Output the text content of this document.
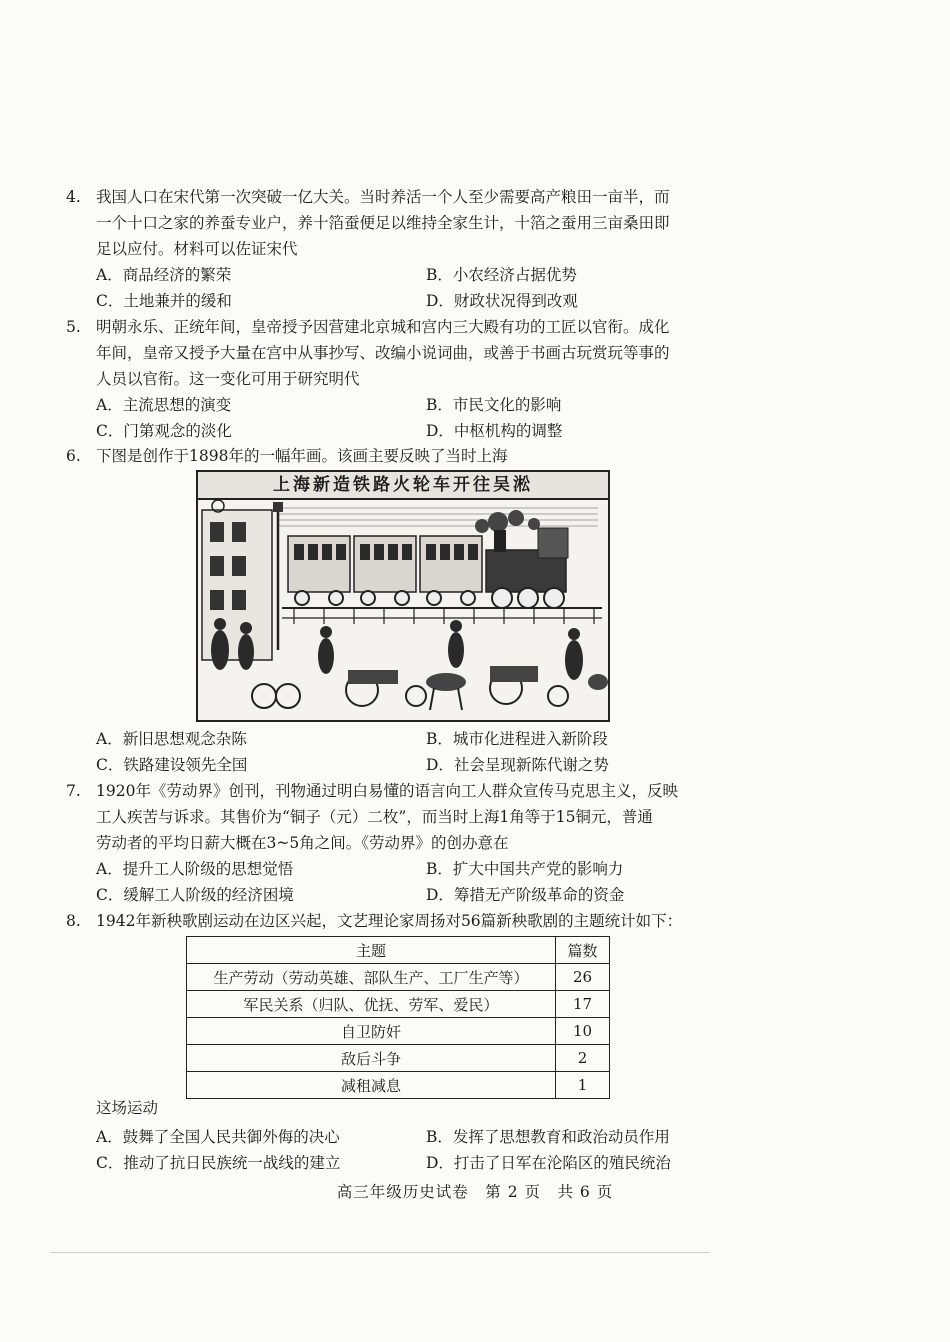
4. 我国人口在宋代第一次突破一亿大关。当时养活一个人至少需要高产粮田一亩半，而
一个十口之家的养蚕专业户，养十箔蚕便足以维持全家生计，十箔之蚕用三亩桑田即
足以应付。材料可以佐证宋代

A．商品经济的繁荣	B．小农经济占据优势
C．土地兼并的缓和	D．财政状况得到改观

5. 明朝永乐、正统年间，皇帝授予因营建北京城和宫内三大殿有功的工匠以官衔。成化
年间，皇帝又授予大量在宫中从事抄写、改编小说词曲，或善于书画古玩赏玩等事的
人员以官衔。这一变化可用于研究明代

A．主流思想的演变	B．市民文化的影响
C．门第观念的淡化	D．中枢机构的调整

6. 下图是创作于1898年的一幅年画。该画主要反映了当时上海

上海新造铁路火轮车开往吴淞
A．新旧思想观念杂陈	B．城市化进程进入新阶段
C．铁路建设领先全国	D．社会呈现新陈代谢之势

7. 1920年《劳动界》创刊，刊物通过明白易懂的语言向工人群众宣传马克思主义，反映
工人疾苦与诉求。其售价为“铜子（元）二枚”，而当时上海1角等于15铜元，普通
劳动者的平均日薪大概在3~5角之间。《劳动界》的创办意在

A．提升工人阶级的思想觉悟	B．扩大中国共产党的影响力
C．缓解工人阶级的经济困境	D．筹措无产阶级革命的资金

8. 1942年新秧歌剧运动在边区兴起，文艺理论家周扬对56篇新秧歌剧的主题统计如下：

主题	篇数
生产劳动（劳动英雄、部队生产、工厂生产等）	26
军民关系（归队、优抚、劳军、爱民）	17
自卫防奸	10
敌后斗争	2
减租减息	1
这场运动
A．鼓舞了全国人民共御外侮的决心	B．发挥了思想教育和政治动员作用
C．推动了抗日民族统一战线的建立	D．打击了日军在沦陷区的殖民统治
高三年级历史试卷　第 2 页　共 6 页
